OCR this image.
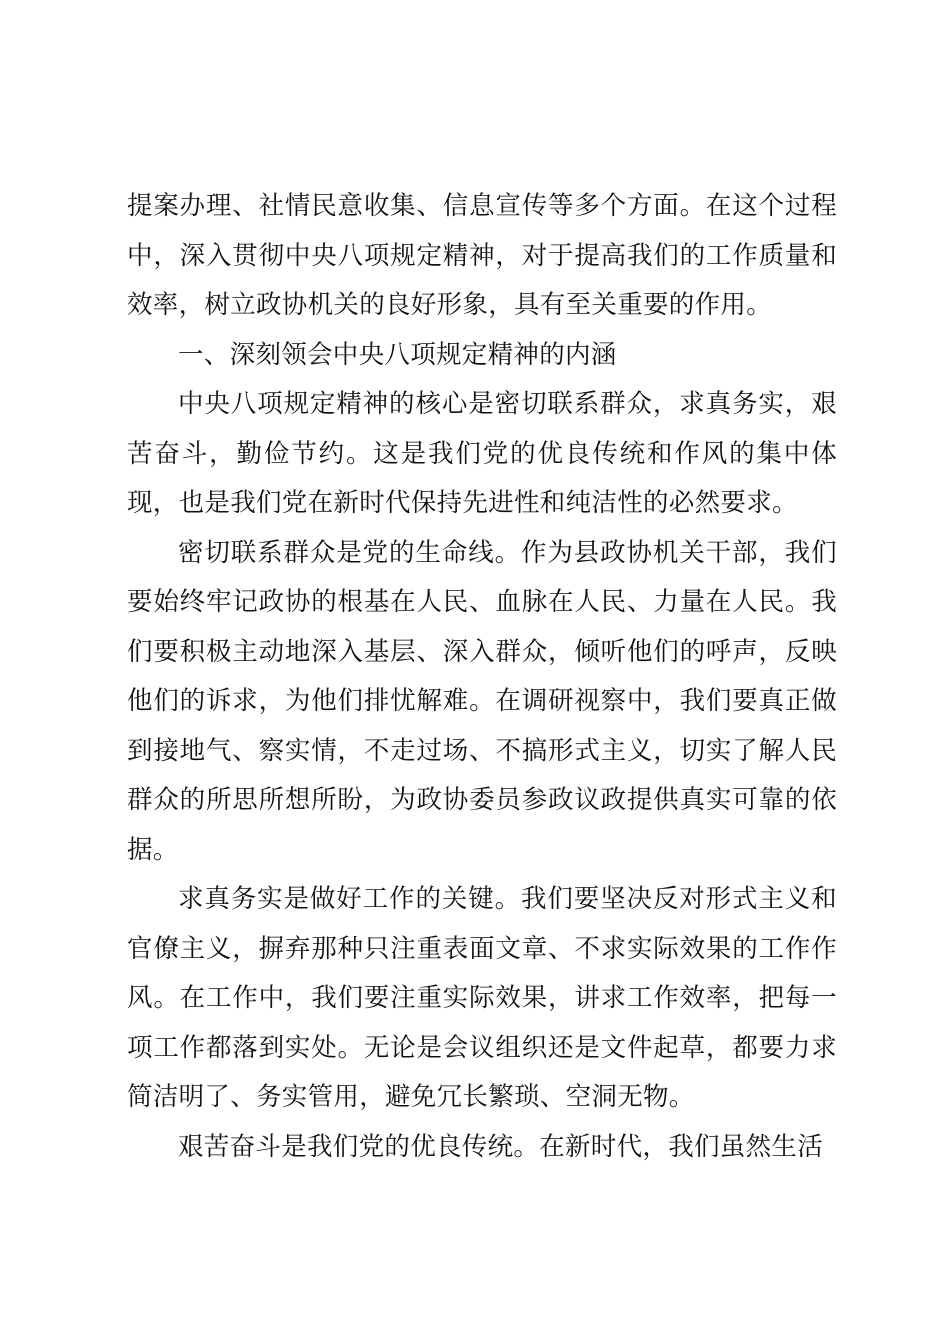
提案办理、社情民意收集、信息宣传等多个方面。在这个过程中，深入贯彻中央八项规定精神，对于提高我们的工作质量和效率，树立政协机关的良好形象，具有至关重要的作用。

一、深刻领会中央八项规定精神的内涵

中央八项规定精神的核心是密切联系群众，求真务实，艰苦奋斗，勤俭节约。这是我们党的优良传统和作风的集中体现，也是我们党在新时代保持先进性和纯洁性的必然要求。

密切联系群众是党的生命线。作为县政协机关干部，我们要始终牢记政协的根基在人民、血脉在人民、力量在人民。我们要积极主动地深入基层、深入群众，倾听他们的呼声，反映他们的诉求，为他们排忧解难。在调研视察中，我们要真正做到接地气、察实情，不走过场、不搞形式主义，切实了解人民群众的所思所想所盼，为政协委员参政议政提供真实可靠的依据。

求真务实是做好工作的关键。我们要坚决反对形式主义和官僚主义，摒弃那种只注重表面文章、不求实际效果的工作作风。在工作中，我们要注重实际效果，讲求工作效率，把每一项工作都落到实处。无论是会议组织还是文件起草，都要力求简洁明了、务实管用，避免冗长繁琐、空洞无物。

艰苦奋斗是我们党的优良传统。在新时代，我们虽然生活
